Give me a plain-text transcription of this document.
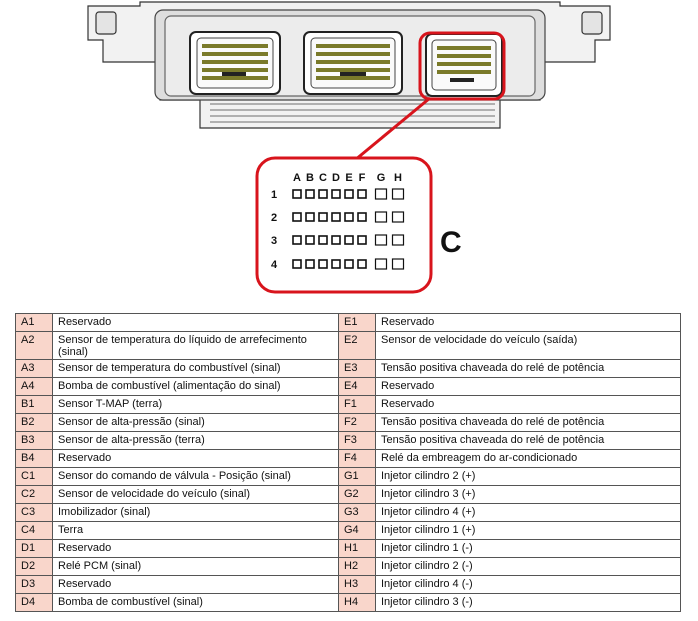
A B C D E F G H
1
2
3
4
C
A1	Reservado	E1	Reservado
A2	Sensor de temperatura do líquido de arrefecimento (sinal)	E2	Sensor de velocidade do veículo (saída)
A3	Sensor de temperatura do combustível (sinal)	E3	Tensão positiva chaveada do relé de potência
A4	Bomba de combustível (alimentação do sinal)	E4	Reservado
B1	Sensor T-MAP (terra)	F1	Reservado
B2	Sensor de alta-pressão (sinal)	F2	Tensão positiva chaveada do relé de potência
B3	Sensor de alta-pressão (terra)	F3	Tensão positiva chaveada do relé de potência
B4	Reservado	F4	Relé da embreagem do ar-condicionado
C1	Sensor do comando de válvula - Posição (sinal)	G1	Injetor cilindro 2 (+)
C2	Sensor de velocidade do veículo (sinal)	G2	Injetor cilindro 3 (+)
C3	Imobilizador (sinal)	G3	Injetor cilindro 4 (+)
C4	Terra	G4	Injetor cilindro 1 (+)
D1	Reservado	H1	Injetor cilindro 1 (-)
D2	Relé PCM (sinal)	H2	Injetor cilindro 2 (-)
D3	Reservado	H3	Injetor cilindro 4 (-)
D4	Bomba de combustível (sinal)	H4	Injetor cilindro 3 (-)
